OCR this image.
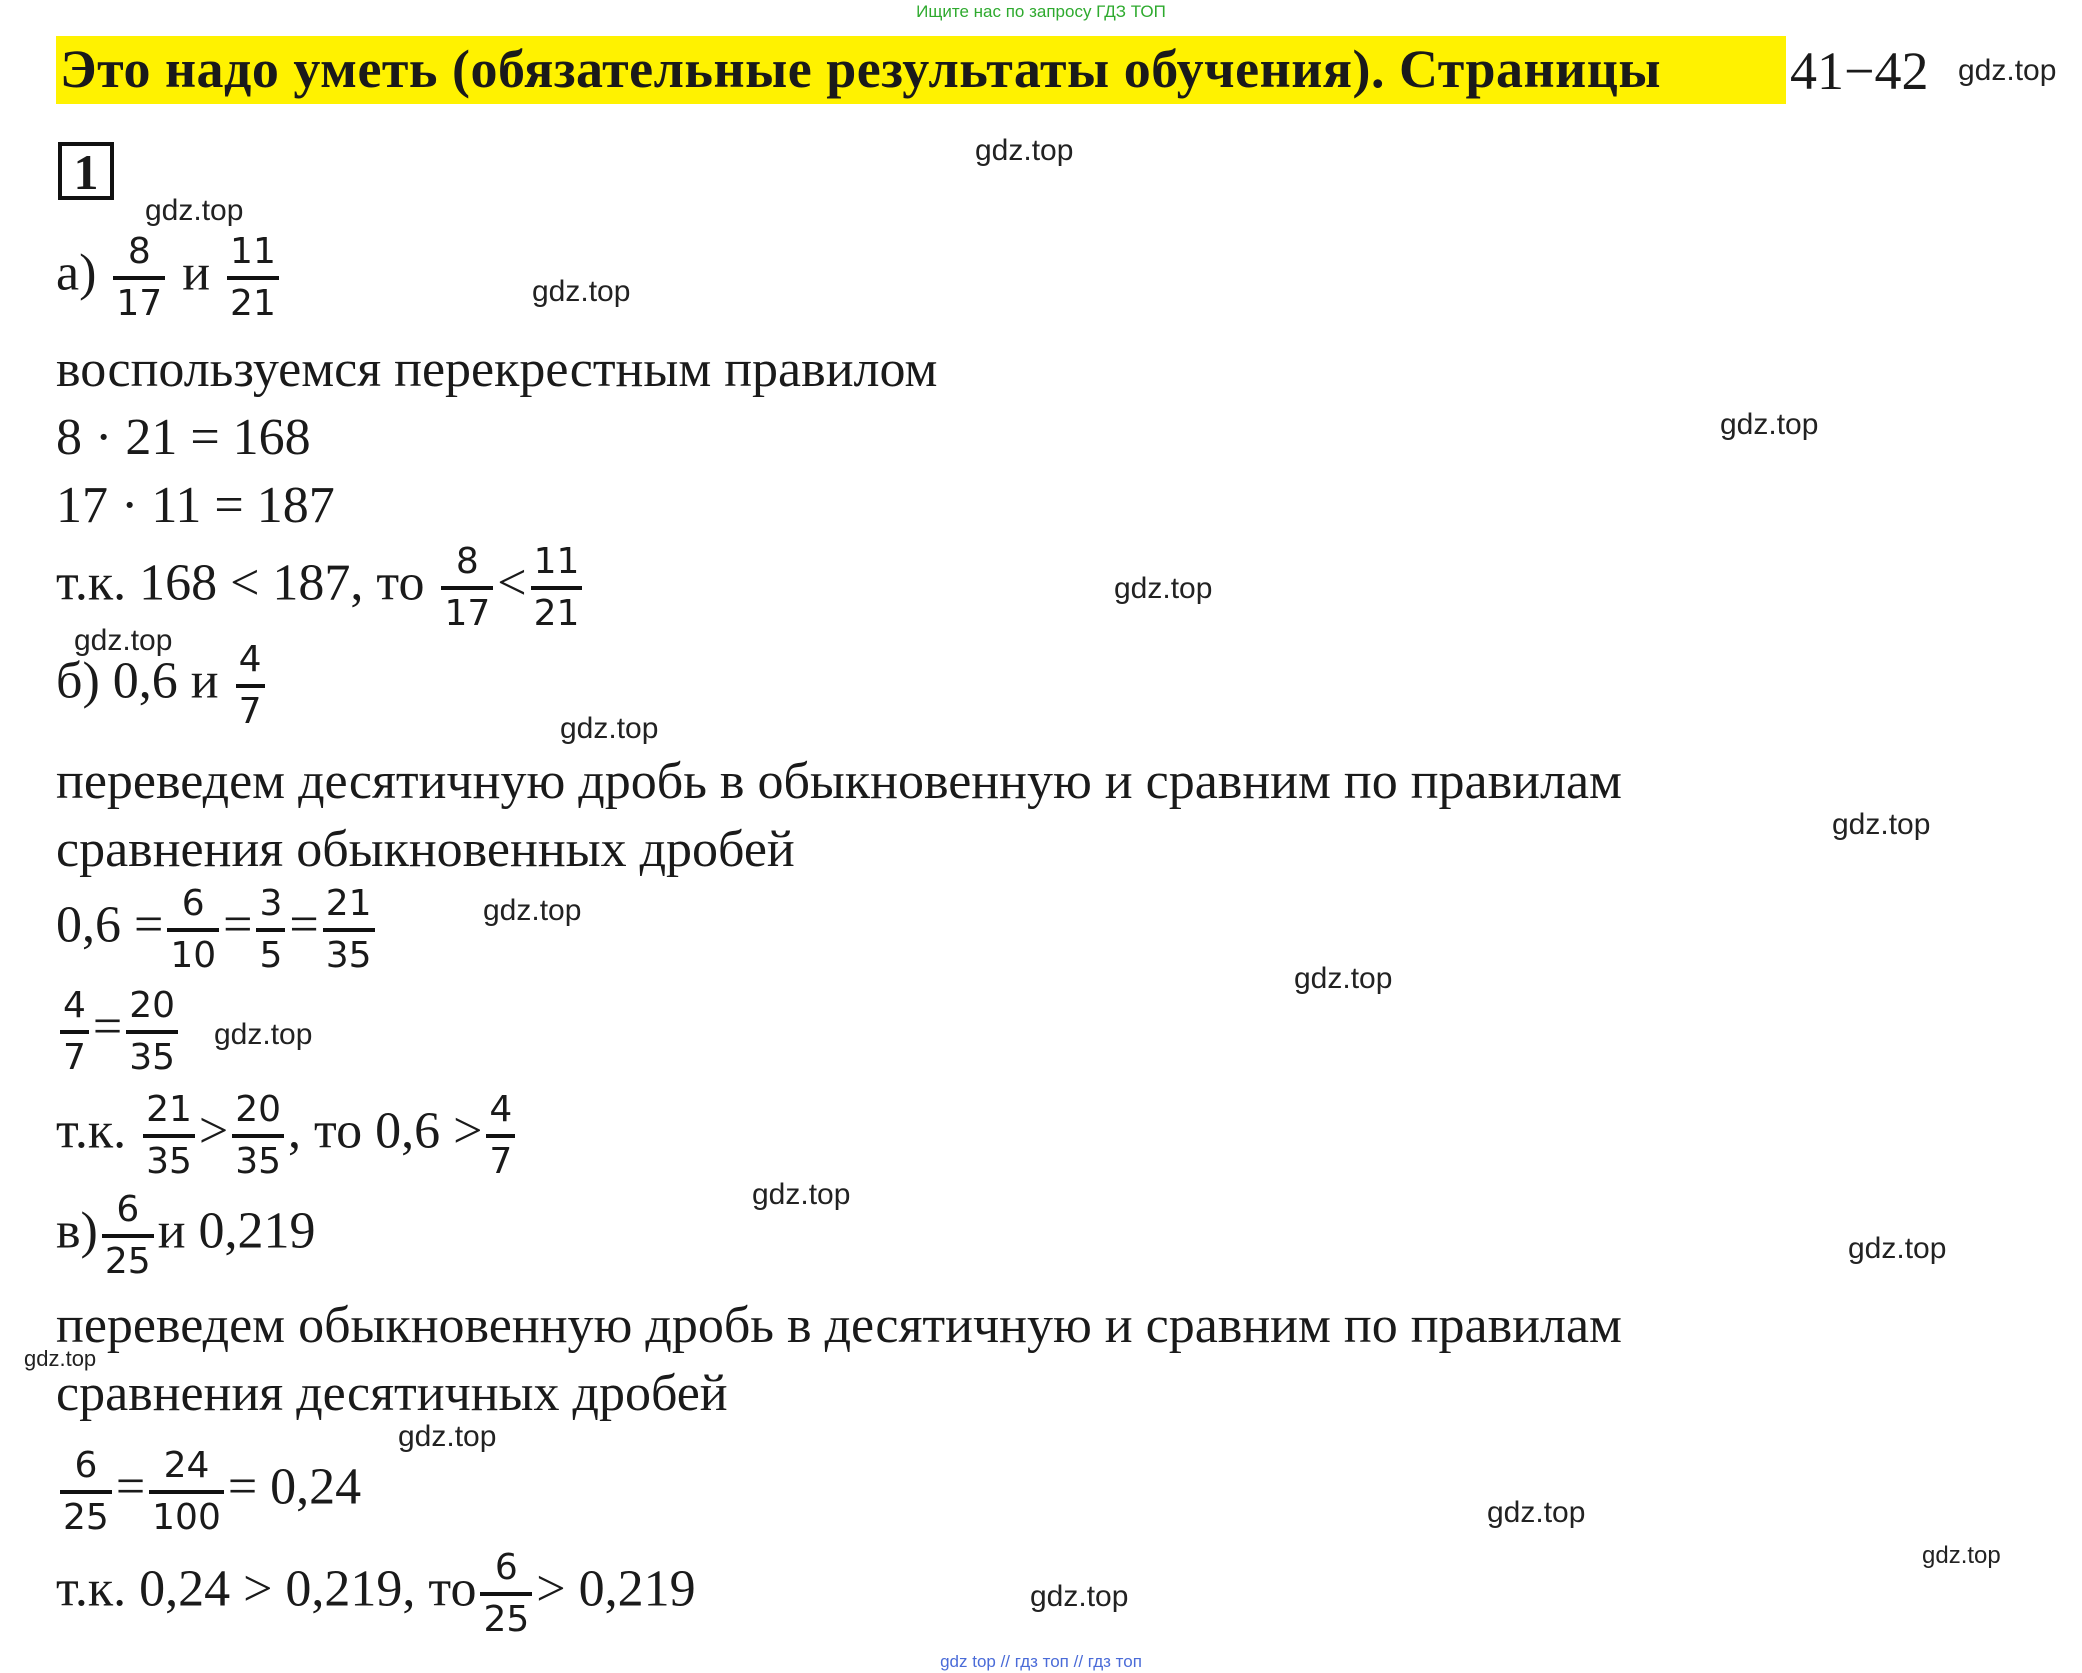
Ищите нас по запросу ГДЗ ТОП
Это надо уметь (обязательные результаты обучения). Страницы 41−42
1
gdz.top
gdz.top
gdz.top
gdz.top
gdz.top
gdz.top
gdz.top
gdz.top
gdz.top
gdz.top
gdz.top
gdz.top
gdz.top
gdz.top
gdz.top
gdz.top
gdz.top
gdz.top
gdz.top
$а) \frac{8}{17}$ и $\frac{11}{21}$
воспользуемся перекрестным правилом
8 · 21 = 168
17 · 11 = 187
т.к. 168 < 187, то $\frac{8}{17} < \frac{11}{21}$
б) 0,6 и $\frac{4}{7}$
переведем десятичную дробь в обыкновенную и сравним по правилам
сравнения обыкновенных дробей
$0,6 = \frac{6}{10} = \frac{3}{5} = \frac{21}{35}$
$\frac{4}{7} = \frac{20}{35}$
т.к. $\frac{21}{35} > \frac{20}{35}$ , то $0,6 > \frac{4}{7}$
$в) \frac{6}{25}$ и 0,219
переведем обыкновенную дробь в десятичную и сравним по правилам
сравнения десятичных дробей
$\frac{6}{25} = \frac{24}{100} = 0,24$
т.к. 0,24 > 0,219, то $\frac{6}{25} > 0,219$
gdz top // гдз топ // гдз топ
